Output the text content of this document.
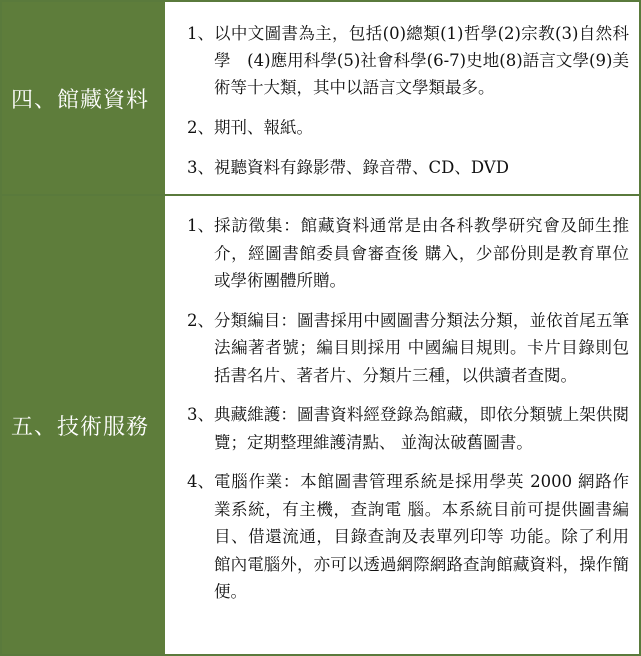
四、館藏資料

1、 以中文圖書為主，包括(0)總類(1)哲學(2)宗教(3)自然科學　(4)應用科學(5)社會科學(6-7)史地(8)語言文學(9)美術等十大類，其中以語言文學類最多。

2、 期刊、報紙。

3、 視聽資料有錄影帶、錄音帶、CD、DVD

五、技術服務

1、 採訪徵集：館藏資料通常是由各科教學研究會及師生推介，經圖書館委員會審查後 購入，少部份則是教育單位或學術團體所贈。

2、 分類編目：圖書採用中國圖書分類法分類，並依首尾五筆法編著者號；編目則採用 中國編目規則。卡片目錄則包括書名片、著者片、分類片三種，以供讀者查閱。

3、 典藏維護：圖書資料經登錄為館藏，即依分類號上架供閱覽；定期整理維護清點、 並淘汰破舊圖書。

4、 電腦作業：本館圖書管理系統是採用學英 2000 網路作業系統，有主機，查詢電 腦。本系統目前可提供圖書編目、借還流通，目錄查詢及表單列印等 功能。除了利用館內電腦外，亦可以透過網際網路查詢館藏資料，操作簡便。
